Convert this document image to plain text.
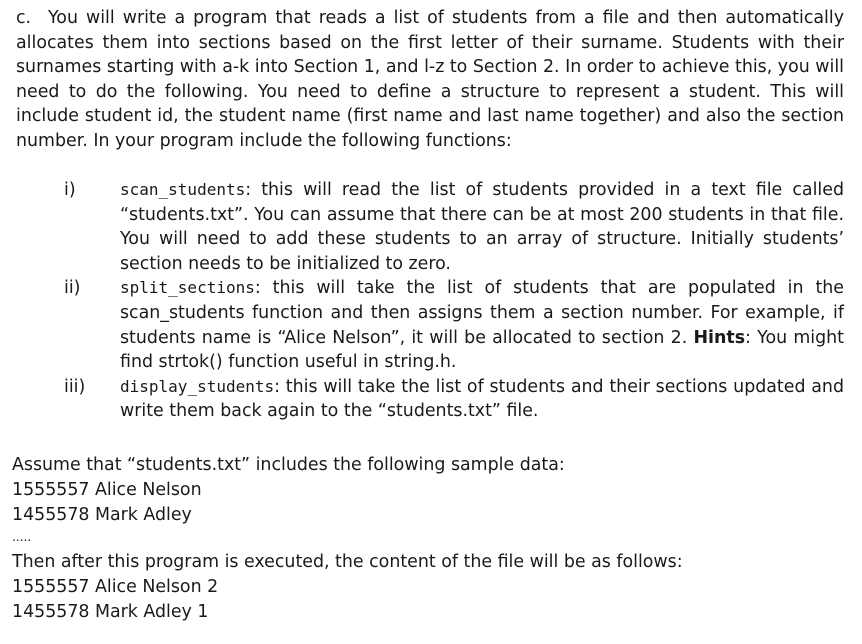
c. You will write a program that reads a list of students from a file and then automatically allocates them into sections based on the first letter of their surname. Students with their surnames starting with a-k into Section 1, and l-z to Section 2. In order to achieve this, you will need to do the following. You need to define a structure to represent a student. This will include student id, the student name (first name and last name together) and also the section number. In your program include the following functions:
i)	scan_students: this will read the list of students provided in a text file called “students.txt”. You can assume that there can be at most 200 students in that file. You will need to add these students to an array of structure. Initially students’ section needs to be initialized to zero.
ii)	split_sections: this will take the list of students that are populated in the scan_students function and then assigns them a section number. For example, if students name is “Alice Nelson”, it will be allocated to section 2. Hints: You might find strtok() function useful in string.h.
iii)	display_students: this will take the list of students and their sections updated and write them back again to the “students.txt” file.
Assume that “students.txt” includes the following sample data:
1555557 Alice Nelson
1455578 Mark Adley
.....
Then after this program is executed, the content of the file will be as follows:
1555557 Alice Nelson 2
1455578 Mark Adley 1
